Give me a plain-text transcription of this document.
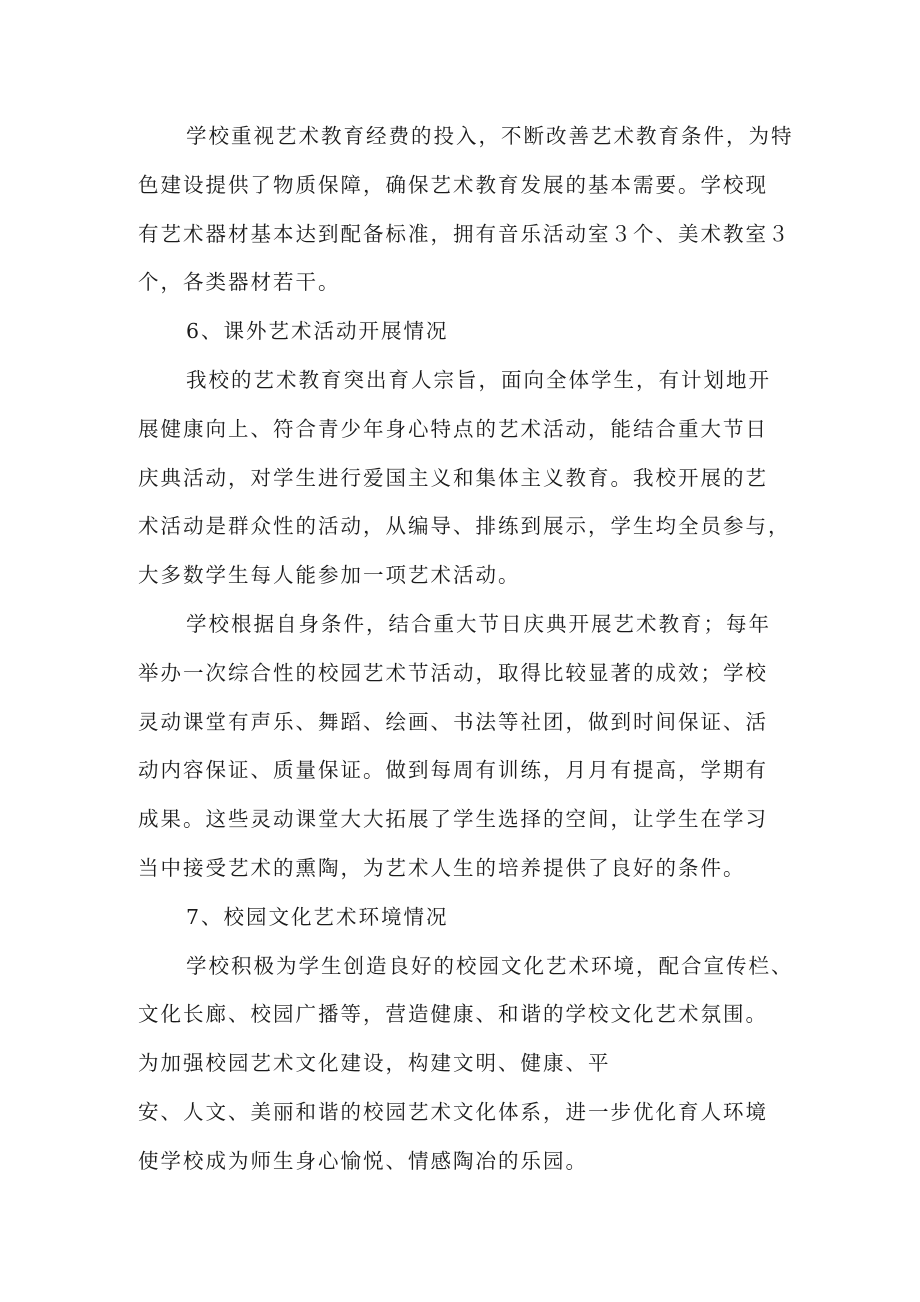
学校重视艺术教育经费的投入，不断改善艺术教育条件，为特
色建设提供了物质保障，确保艺术教育发展的基本需要。学校现
有艺术器材基本达到配备标准，拥有音乐活动室３个、美术教室３
个，各类器材若干。

6、课外艺术活动开展情况

我校的艺术教育突出育人宗旨，面向全体学生，有计划地开
展健康向上、符合青少年身心特点的艺术活动，能结合重大节日
庆典活动，对学生进行爱国主义和集体主义教育。我校开展的艺
术活动是群众性的活动，从编导、排练到展示，学生均全员参与，
大多数学生每人能参加一项艺术活动。

学校根据自身条件，结合重大节日庆典开展艺术教育；每年
举办一次综合性的校园艺术节活动，取得比较显著的成效；学校
灵动课堂有声乐、舞蹈、绘画、书法等社团，做到时间保证、活
动内容保证、质量保证。做到每周有训练，月月有提高，学期有
成果。这些灵动课堂大大拓展了学生选择的空间，让学生在学习
当中接受艺术的熏陶，为艺术人生的培养提供了良好的条件。

7、校园文化艺术环境情况

学校积极为学生创造良好的校园文化艺术环境，配合宣传栏、
文化长廊、校园广播等，营造健康、和谐的学校文化艺术氛围。
为加强校园艺术文化建设，构建文明、健康、平
安、人文、美丽和谐的校园艺术文化体系，进一步优化育人环境
使学校成为师生身心愉悦、情感陶冶的乐园。
